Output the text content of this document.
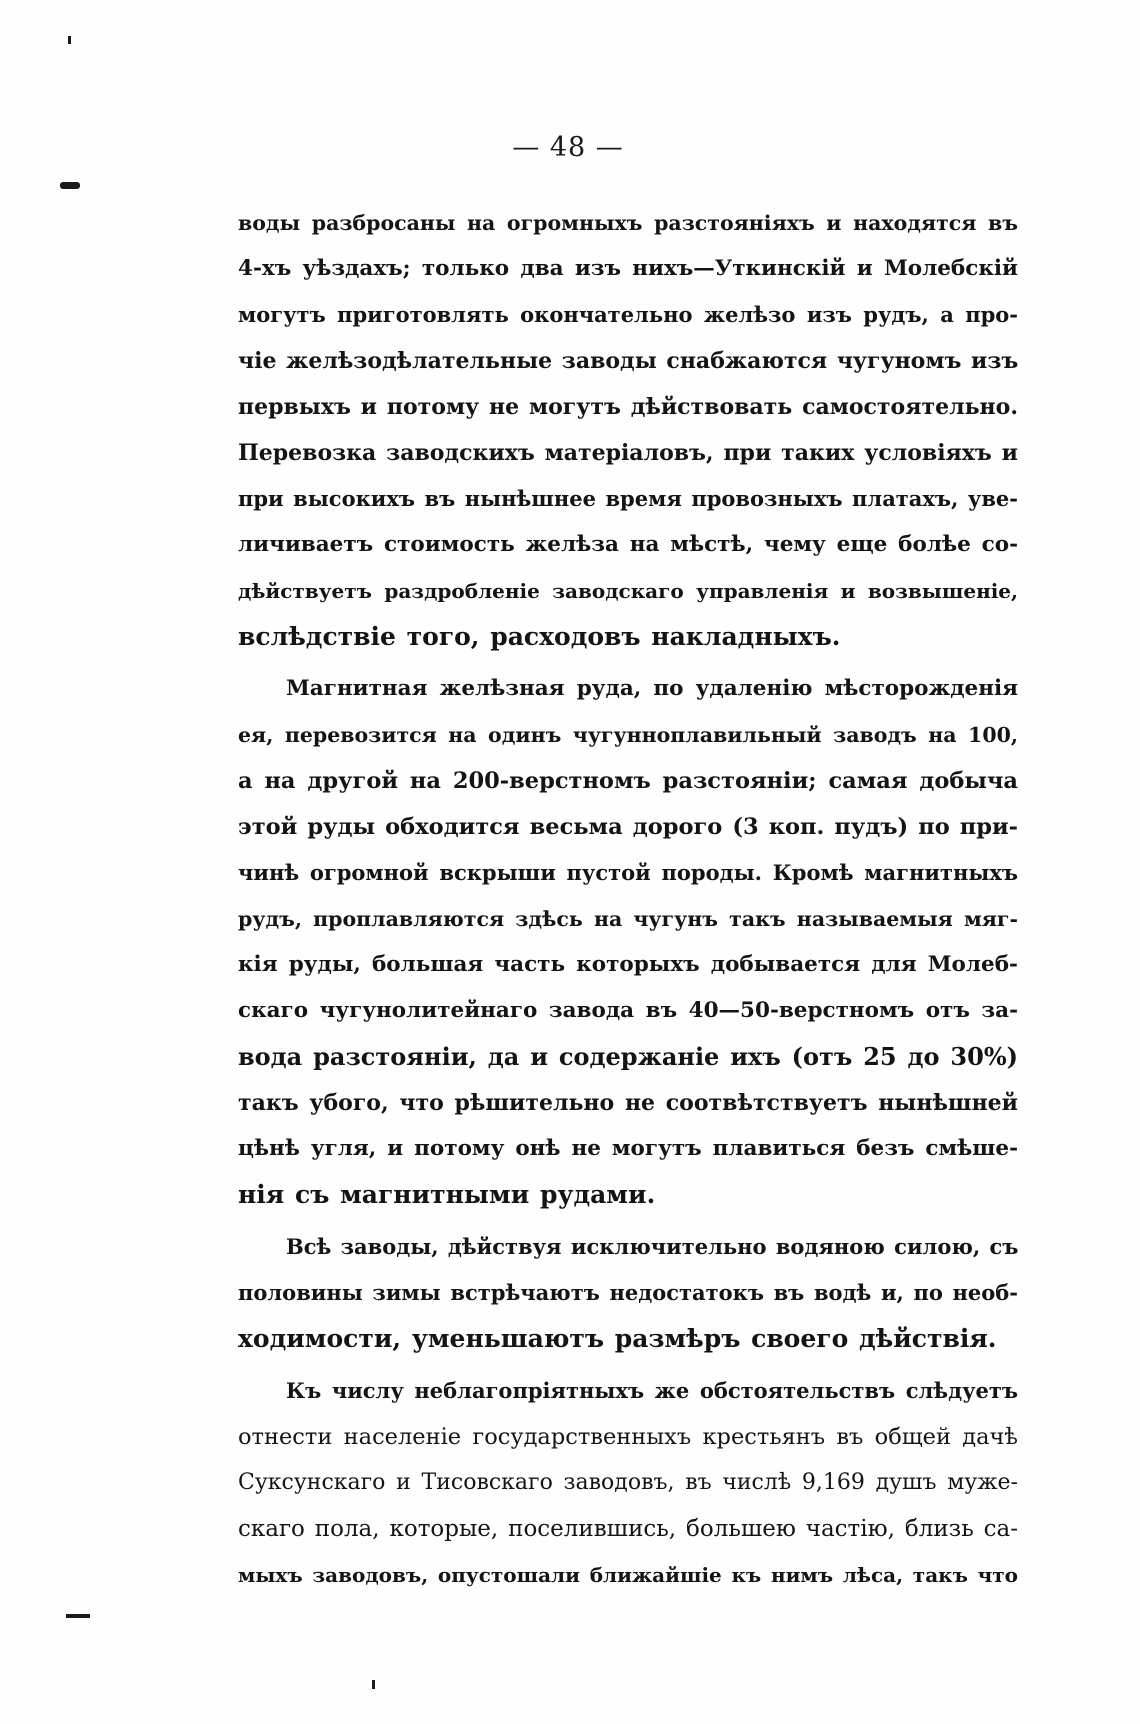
— 48 —
воды разбросаны на огромныхъ разстояніяхъ и находятся въ
4-хъ уѣздахъ; только два изъ нихъ—Уткинскій и Молебскій
могутъ приготовлять окончательно желѣзо изъ рудъ, а про-
чіе желѣзодѣлательные заводы снабжаются чугуномъ изъ
первыхъ и потому не могутъ дѣйствовать самостоятельно.
Перевозка заводскихъ матеріаловъ, при таких условіяхъ и
при высокихъ въ нынѣшнее время провозныхъ платахъ, уве-
личиваетъ стоимость желѣза на мѣстѣ, чему еще болѣе со-
дѣйствуетъ раздробленіе заводскаго управленія и возвышеніе,
вслѣдствіе того, расходовъ накладныхъ.
Магнитная желѣзная руда, по удаленію мѣсторожденія
ея, перевозится на одинъ чугунноплавильный заводъ на 100,
а на другой на 200-верстномъ разстояніи; самая добыча
этой руды обходится весьма дорого (3 коп. пудъ) по при-
чинѣ огромной вскрыши пустой породы. Кромѣ магнитныхъ
рудъ, проплавляются здѣсь на чугунъ такъ называемыя мяг-
кія руды, большая часть которыхъ добывается для Молеб-
скаго чугунолитейнаго завода въ 40—50-верстномъ отъ за-
вода разстояніи, да и содержаніе ихъ (отъ 25 до 30%)
такъ убого, что рѣшительно не соотвѣтствуетъ нынѣшней
цѣнѣ угля, и потому онѣ не могутъ плавиться безъ смѣше-
нія съ магнитными рудами.
Всѣ заводы, дѣйствуя исключительно водяною силою, съ
половины зимы встрѣчаютъ недостатокъ въ водѣ и, по необ-
ходимости, уменьшаютъ размѣръ своего дѣйствія.
Къ числу неблагопріятныхъ же обстоятельствъ слѣдуетъ
отнести населеніе государственныхъ крестьянъ въ общей дачѣ
Суксунскаго и Тисовскаго заводовъ, въ числѣ 9,169 душъ муже-
скаго пола, которые, поселившись, большею частію, близь са-
мыхъ заводовъ, опустошали ближайшіе къ нимъ лѣса, такъ что
